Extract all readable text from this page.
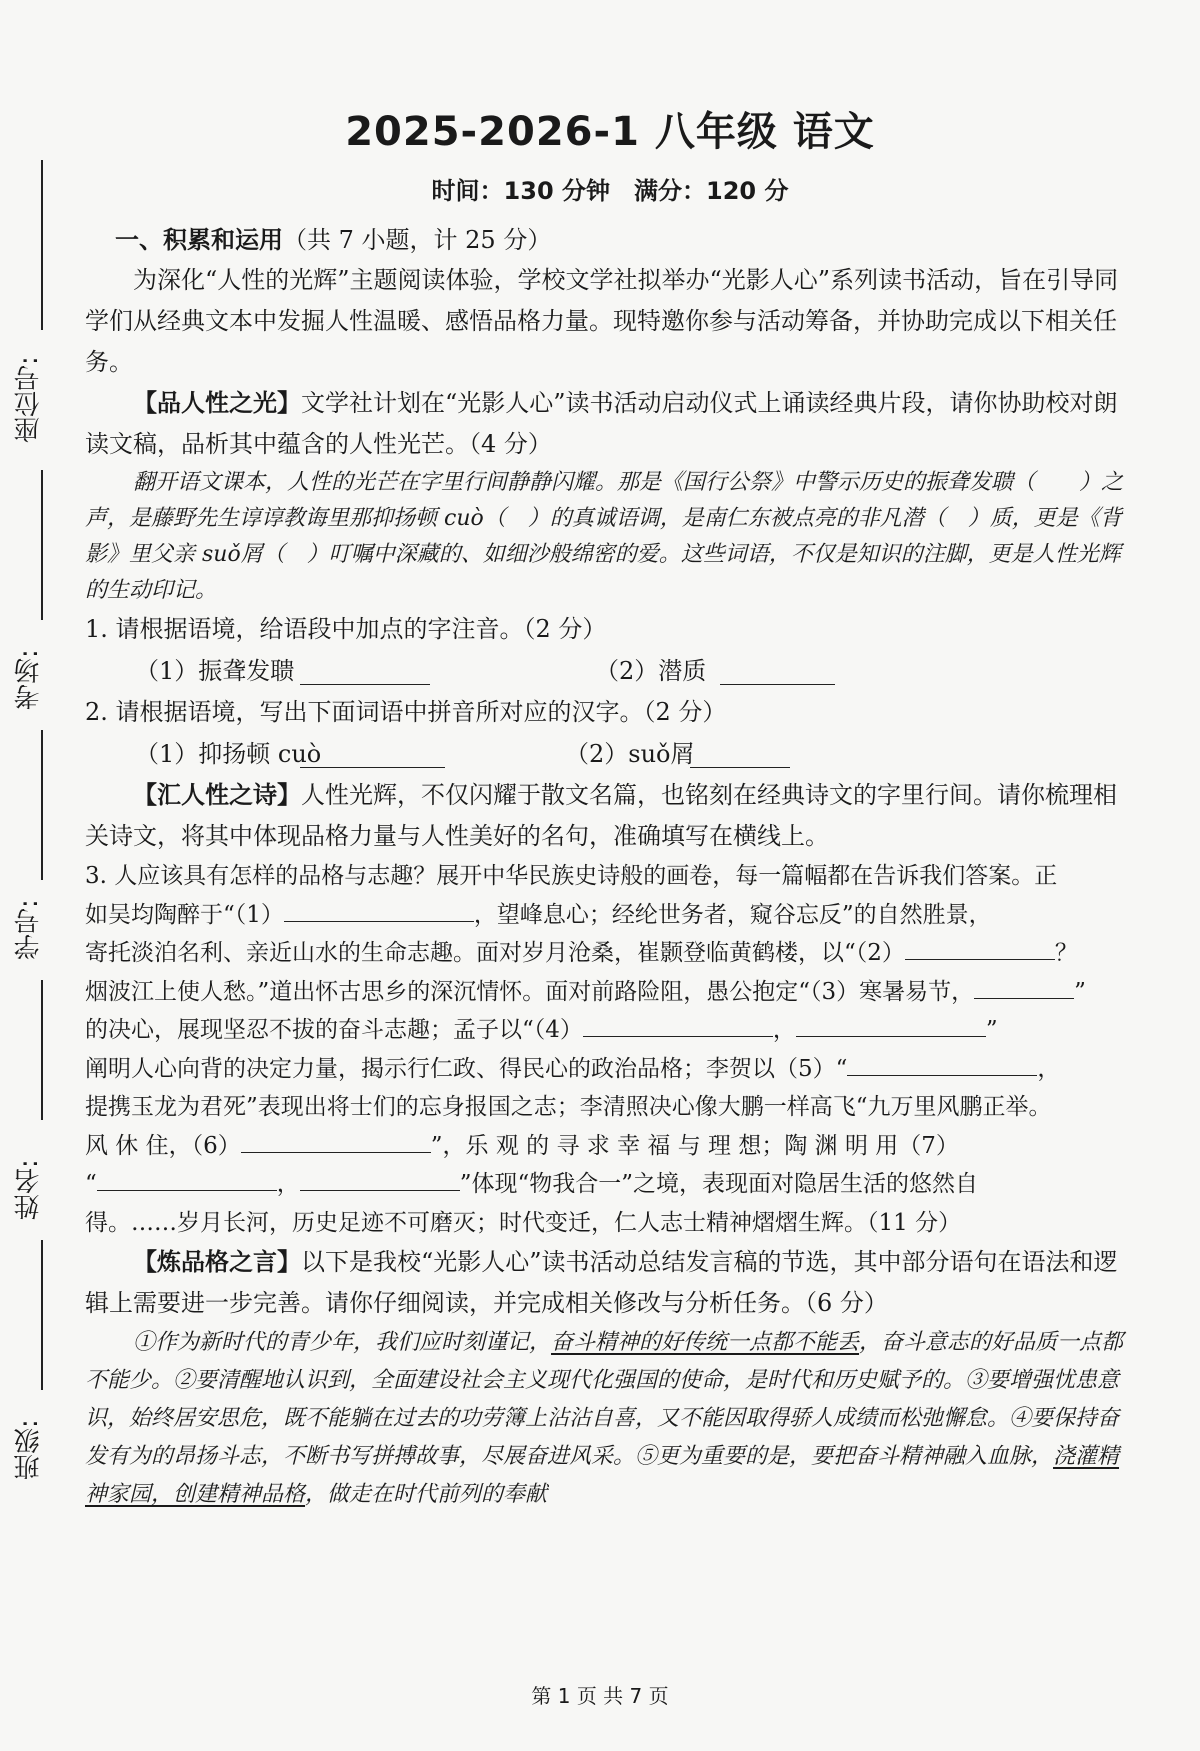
座位号:
考场:
学号:
姓名:
班级:
2025-2026-1 八年级 语文
时间：130 分钟　满分：120 分
一、积累和运用（共 7 小题，计 25 分）

为深化“人性的光辉”主题阅读体验，学校文学社拟举办“光影人心”系列读书活动，旨在引导同学们从经典文本中发掘人性温暖、感悟品格力量。现特邀你参与活动筹备，并协助完成以下相关任务。

【品人性之光】文学社计划在“光影人心”读书活动启动仪式上诵读经典片段，请你协助校对朗读文稿，品析其中蕴含的人性光芒。（4 分）

翻开语文课本，人性的光芒在字里行间静静闪耀。那是《国行公祭》中警示历史的振聋发聩（　　）之声，是藤野先生谆谆教诲里那抑扬顿 cuò（　）的真诚语调，是南仁东被点亮的非凡潜（　）质，更是《背影》里父亲 suǒ屑（　）叮嘱中深藏的、如细沙般绵密的爱。这些词语，不仅是知识的注脚，更是人性光辉的生动印记。

1. 请根据语境，给语段中加点的字注音。（2 分）

（1）振聋发聩	（2）潜质

2. 请根据语境，写出下面词语中拼音所对应的汉字。（2 分）

（1）抑扬顿 cuò	（2）suǒ屑

【汇人性之诗】人性光辉，不仅闪耀于散文名篇，也铭刻在经典诗文的字里行间。请你梳理相关诗文，将其中体现品格力量与人性美好的名句，准确填写在横线上。

3. 人应该具有怎样的品格与志趣？展开中华民族史诗般的画卷，每一篇幅都在告诉我们答案。正
如吴均陶醉于“（1）	，望峰息心；经纶世务者，窥谷忘反”的自然胜景，
寄托淡泊名利、亲近山水的生命志趣。面对岁月沧桑，崔颢登临黄鹤楼，以“（2）	？
烟波江上使人愁。”道出怀古思乡的深沉情怀。面对前路险阻，愚公抱定“（3）寒暑易节，	”
的决心，展现坚忍不拔的奋斗志趣；孟子以“（4）	，	”
阐明人心向背的决定力量，揭示行仁政、得民心的政治品格；李贺以（5）“	，
提携玉龙为君死”表现出将士们的忘身报国之志；李清照决心像大鹏一样高飞“九万里风鹏正举。
风 休 住，（6）	”，乐 观 的 寻 求 幸 福 与 理 想；陶 渊 明 用（7）
“	，	”体现“物我合一”之境，表现面对隐居生活的悠然自
得。……岁月长河，历史足迹不可磨灭；时代变迁，仁人志士精神熠熠生辉。（11 分）

【炼品格之言】以下是我校“光影人心”读书活动总结发言稿的节选，其中部分语句在语法和逻辑上需要进一步完善。请你仔细阅读，并完成相关修改与分析任务。（6 分）

①作为新时代的青少年，我们应时刻谨记，奋斗精神的好传统一点都不能丢，奋斗意志的好品质一点都不能少。②要清醒地认识到，全面建设社会主义现代化强国的使命，是时代和历史赋予的。③要增强忧患意识，始终居安思危，既不能躺在过去的功劳簿上沾沾自喜，又不能因取得骄人成绩而松弛懈怠。④要保持奋发有为的昂扬斗志，不断书写拼搏故事，尽展奋进风采。⑤更为重要的是，要把奋斗精神融入血脉，浇灌精神家园，创建精神品格，做走在时代前列的奉献

第 1 页 共 7 页
